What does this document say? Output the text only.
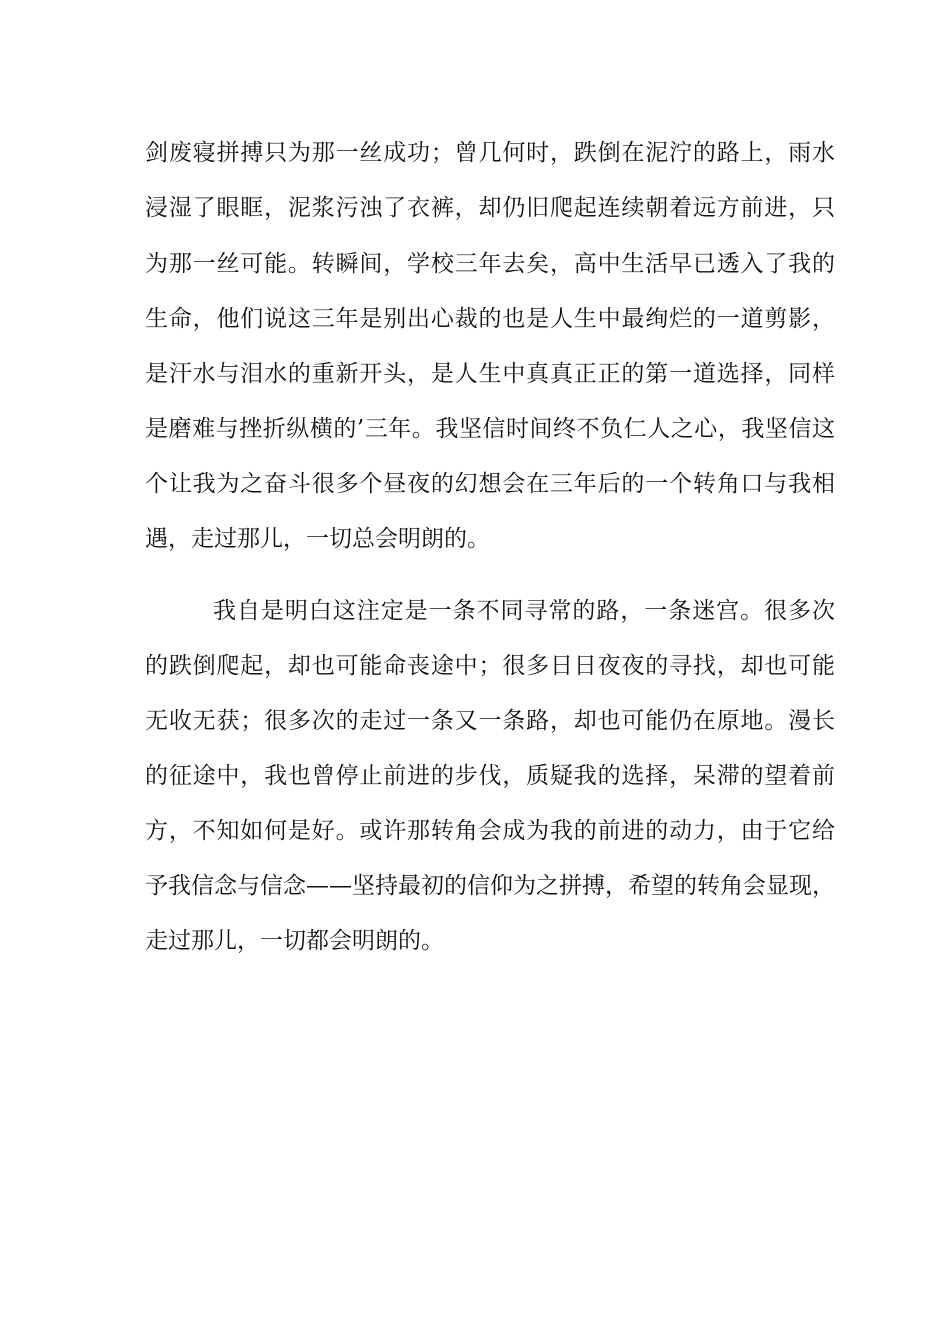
剑废寝拼搏只为那一丝成功；曾几何时，跌倒在泥泞的路上，雨水
浸湿了眼眶，泥浆污浊了衣裤，却仍旧爬起连续朝着远方前进，只
为那一丝可能。转瞬间，学校三年去矣，高中生活早已透入了我的
生命，他们说这三年是别出心裁的也是人生中最绚烂的一道剪影，
是汗水与泪水的重新开头，是人生中真真正正的第一道选择，同样
是磨难与挫折纵横的’三年。我坚信时间终不负仁人之心，我坚信这
个让我为之奋斗很多个昼夜的幻想会在三年后的一个转角口与我相
遇，走过那儿，一切总会明朗的。
我自是明白这注定是一条不同寻常的路，一条迷宫。很多次
的跌倒爬起，却也可能命丧途中；很多日日夜夜的寻找，却也可能
无收无获；很多次的走过一条又一条路，却也可能仍在原地。漫长
的征途中，我也曾停止前进的步伐，质疑我的选择，呆滞的望着前
方，不知如何是好。或许那转角会成为我的前进的动力，由于它给
予我信念与信念——坚持最初的信仰为之拼搏，希望的转角会显现，
走过那儿，一切都会明朗的。
